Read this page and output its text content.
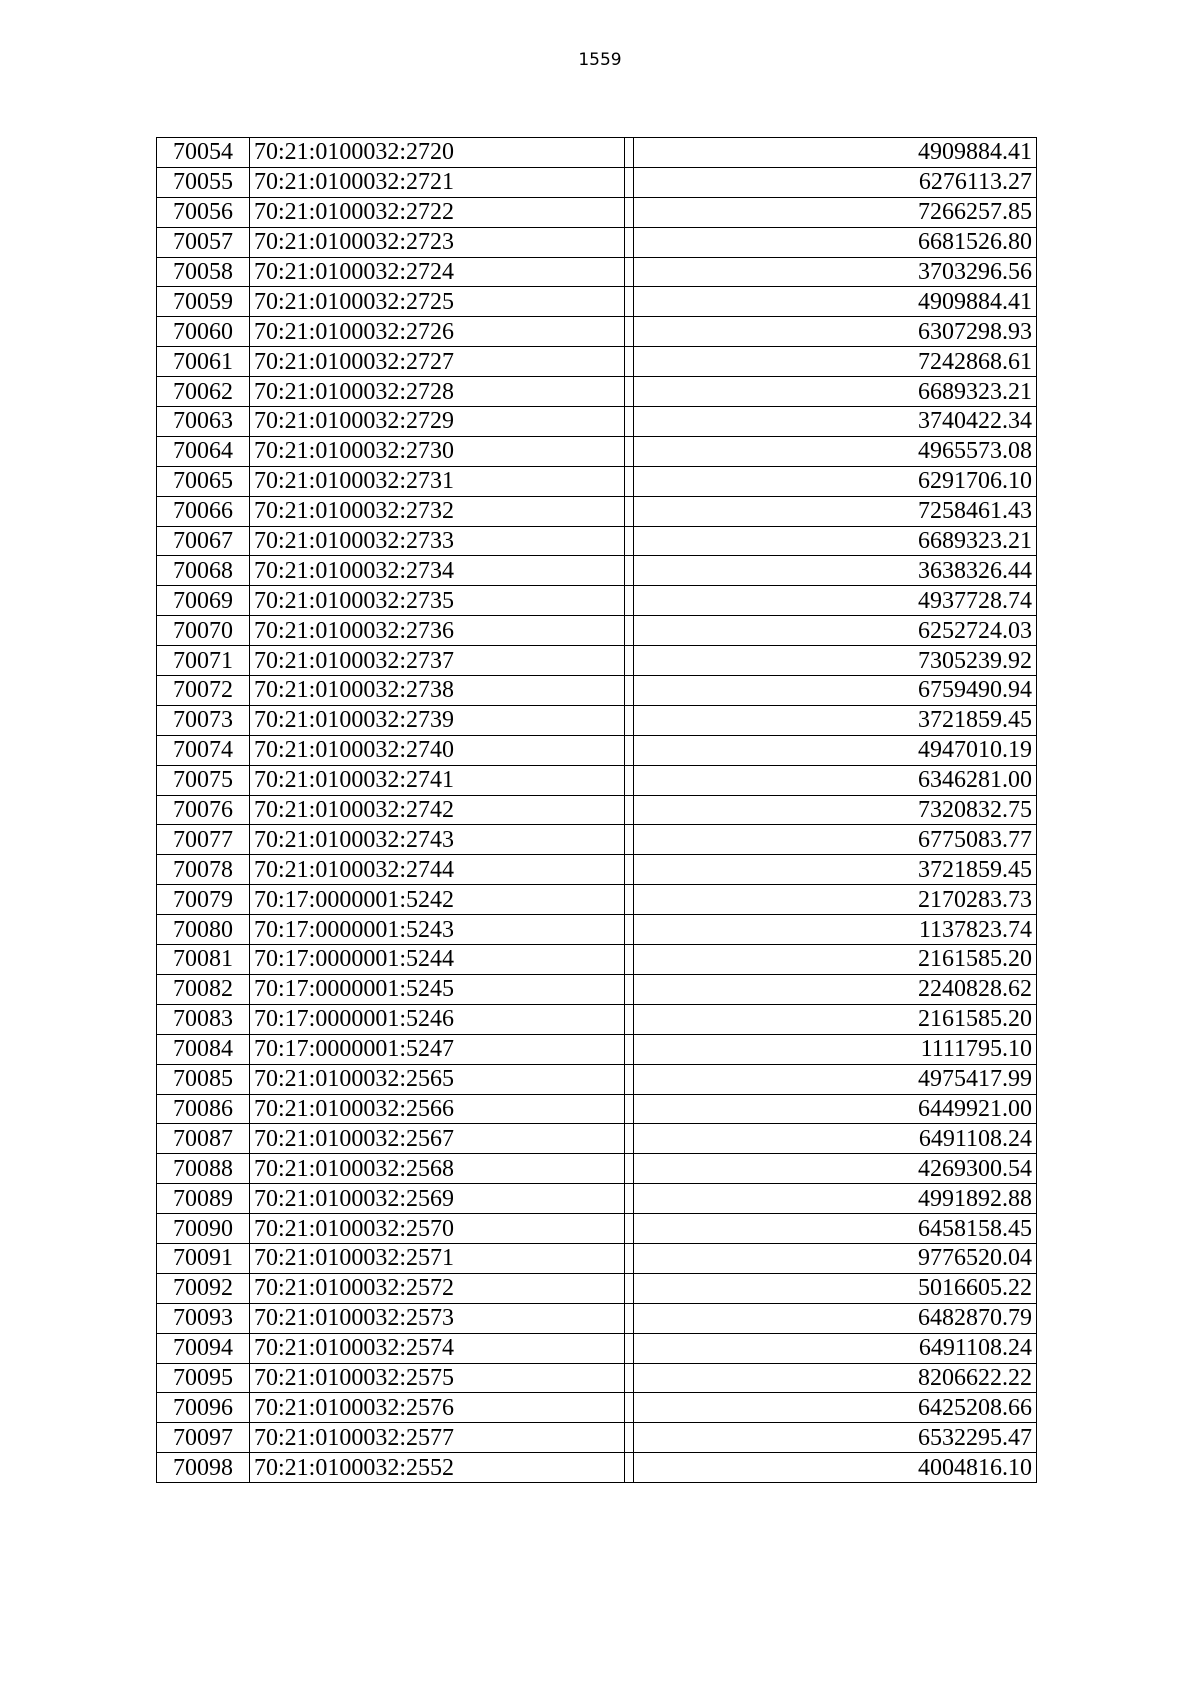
1559
70054	70:21:0100032:2720		4909884.41
70055	70:21:0100032:2721		6276113.27
70056	70:21:0100032:2722		7266257.85
70057	70:21:0100032:2723		6681526.80
70058	70:21:0100032:2724		3703296.56
70059	70:21:0100032:2725		4909884.41
70060	70:21:0100032:2726		6307298.93
70061	70:21:0100032:2727		7242868.61
70062	70:21:0100032:2728		6689323.21
70063	70:21:0100032:2729		3740422.34
70064	70:21:0100032:2730		4965573.08
70065	70:21:0100032:2731		6291706.10
70066	70:21:0100032:2732		7258461.43
70067	70:21:0100032:2733		6689323.21
70068	70:21:0100032:2734		3638326.44
70069	70:21:0100032:2735		4937728.74
70070	70:21:0100032:2736		6252724.03
70071	70:21:0100032:2737		7305239.92
70072	70:21:0100032:2738		6759490.94
70073	70:21:0100032:2739		3721859.45
70074	70:21:0100032:2740		4947010.19
70075	70:21:0100032:2741		6346281.00
70076	70:21:0100032:2742		7320832.75
70077	70:21:0100032:2743		6775083.77
70078	70:21:0100032:2744		3721859.45
70079	70:17:0000001:5242		2170283.73
70080	70:17:0000001:5243		1137823.74
70081	70:17:0000001:5244		2161585.20
70082	70:17:0000001:5245		2240828.62
70083	70:17:0000001:5246		2161585.20
70084	70:17:0000001:5247		1111795.10
70085	70:21:0100032:2565		4975417.99
70086	70:21:0100032:2566		6449921.00
70087	70:21:0100032:2567		6491108.24
70088	70:21:0100032:2568		4269300.54
70089	70:21:0100032:2569		4991892.88
70090	70:21:0100032:2570		6458158.45
70091	70:21:0100032:2571		9776520.04
70092	70:21:0100032:2572		5016605.22
70093	70:21:0100032:2573		6482870.79
70094	70:21:0100032:2574		6491108.24
70095	70:21:0100032:2575		8206622.22
70096	70:21:0100032:2576		6425208.66
70097	70:21:0100032:2577		6532295.47
70098	70:21:0100032:2552		4004816.10
